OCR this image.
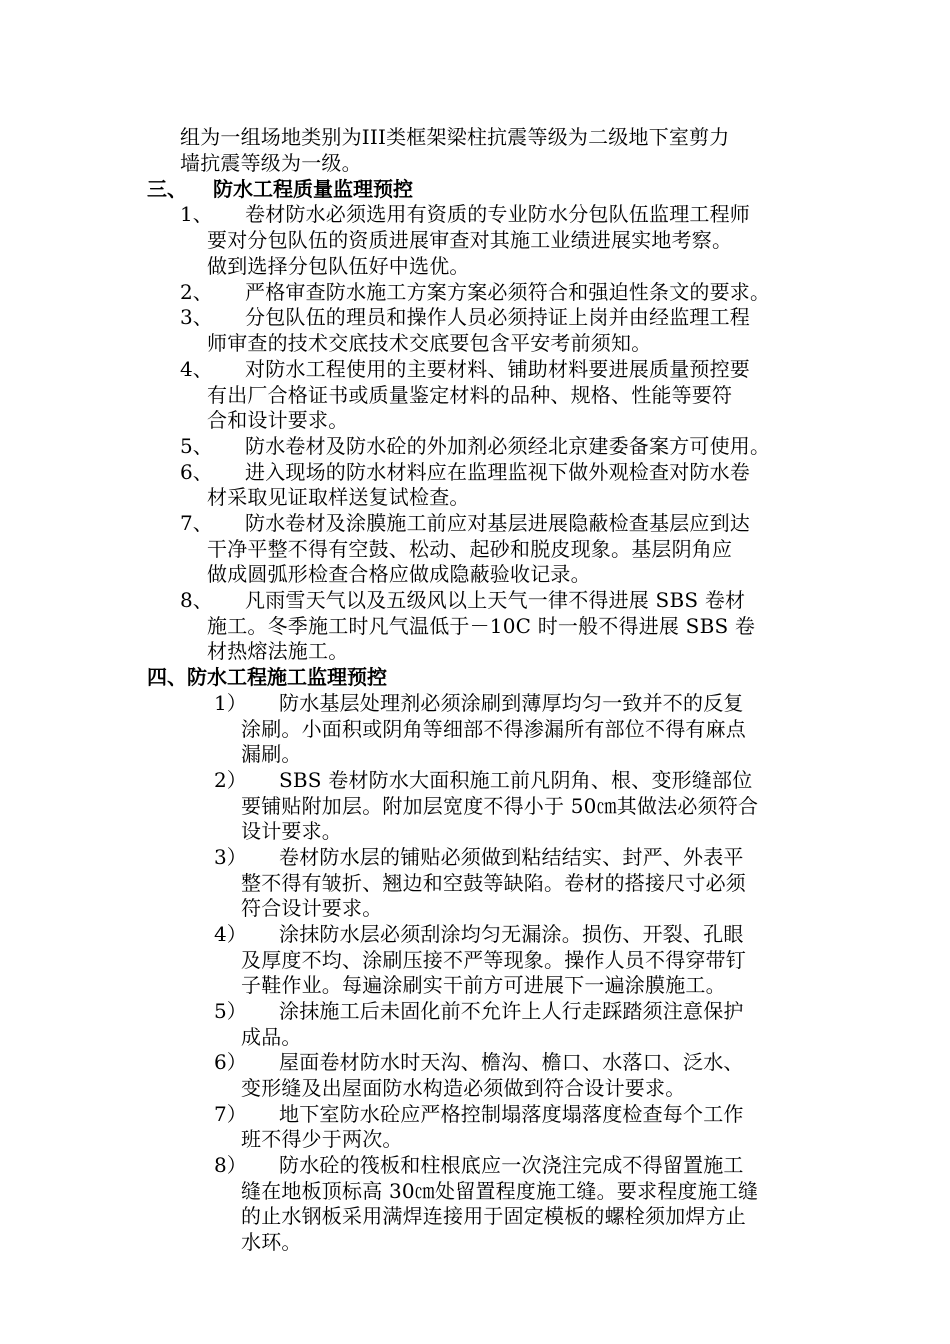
组为一组场地类别为III类框架梁柱抗震等级为二级地下室剪力
墙抗震等级为一级。
三、 防水工程质量监理预控
1、 卷材防水必须选用有资质的专业防水分包队伍监理工程师
要对分包队伍的资质进展审查对其施工业绩进展实地考察。
做到选择分包队伍好中选优。
2、 严格审查防水施工方案方案必须符合和强迫性条文的要求。
3、 分包队伍的理员和操作人员必须持证上岗并由经监理工程
师审查的技术交底技术交底要包含平安考前须知。
4、 对防水工程使用的主要材料、铺助材料要进展质量预控要
有出厂合格证书或质量鉴定材料的品种、规格、性能等要符
合和设计要求。
5、 防水卷材及防水砼的外加剂必须经北京建委备案方可使用。
6、 进入现场的防水材料应在监理监视下做外观检查对防水卷
材采取见证取样送复试检查。
7、 防水卷材及涂膜施工前应对基层进展隐蔽检查基层应到达
干净平整不得有空鼓、松动、起砂和脱皮现象。基层阴角应
做成圆弧形检查合格应做成隐蔽验收记录。
8、 凡雨雪天气以及五级风以上天气一律不得进展 SBS 卷材
施工。冬季施工时凡气温低于－10C 时一般不得进展 SBS 卷
材热熔法施工。
四、防水工程施工监理预控
1） 防水基层处理剂必须涂刷到薄厚均匀一致并不的反复
涂刷。小面积或阴角等细部不得渗漏所有部位不得有麻点
漏刷。
2） SBS 卷材防水大面积施工前凡阴角、根、变形缝部位
要铺贴附加层。附加层宽度不得小于 50㎝其做法必须符合
设计要求。
3） 卷材防水层的铺贴必须做到粘结结实、封严、外表平
整不得有皱折、翘边和空鼓等缺陷。卷材的搭接尺寸必须
符合设计要求。
4） 涂抹防水层必须刮涂均匀无漏涂。损伤、开裂、孔眼
及厚度不均、涂刷压接不严等现象。操作人员不得穿带钉
子鞋作业。每遍涂刷实干前方可进展下一遍涂膜施工。
5） 涂抹施工后未固化前不允许上人行走踩踏须注意保护
成品。
6） 屋面卷材防水时天沟、檐沟、檐口、水落口、泛水、
变形缝及出屋面防水构造必须做到符合设计要求。
7） 地下室防水砼应严格控制塌落度塌落度检查每个工作
班不得少于两次。
8） 防水砼的筏板和柱根底应一次浇注完成不得留置施工
缝在地板顶标高 30㎝处留置程度施工缝。要求程度施工缝
的止水钢板采用满焊连接用于固定模板的螺栓须加焊方止
水环。
